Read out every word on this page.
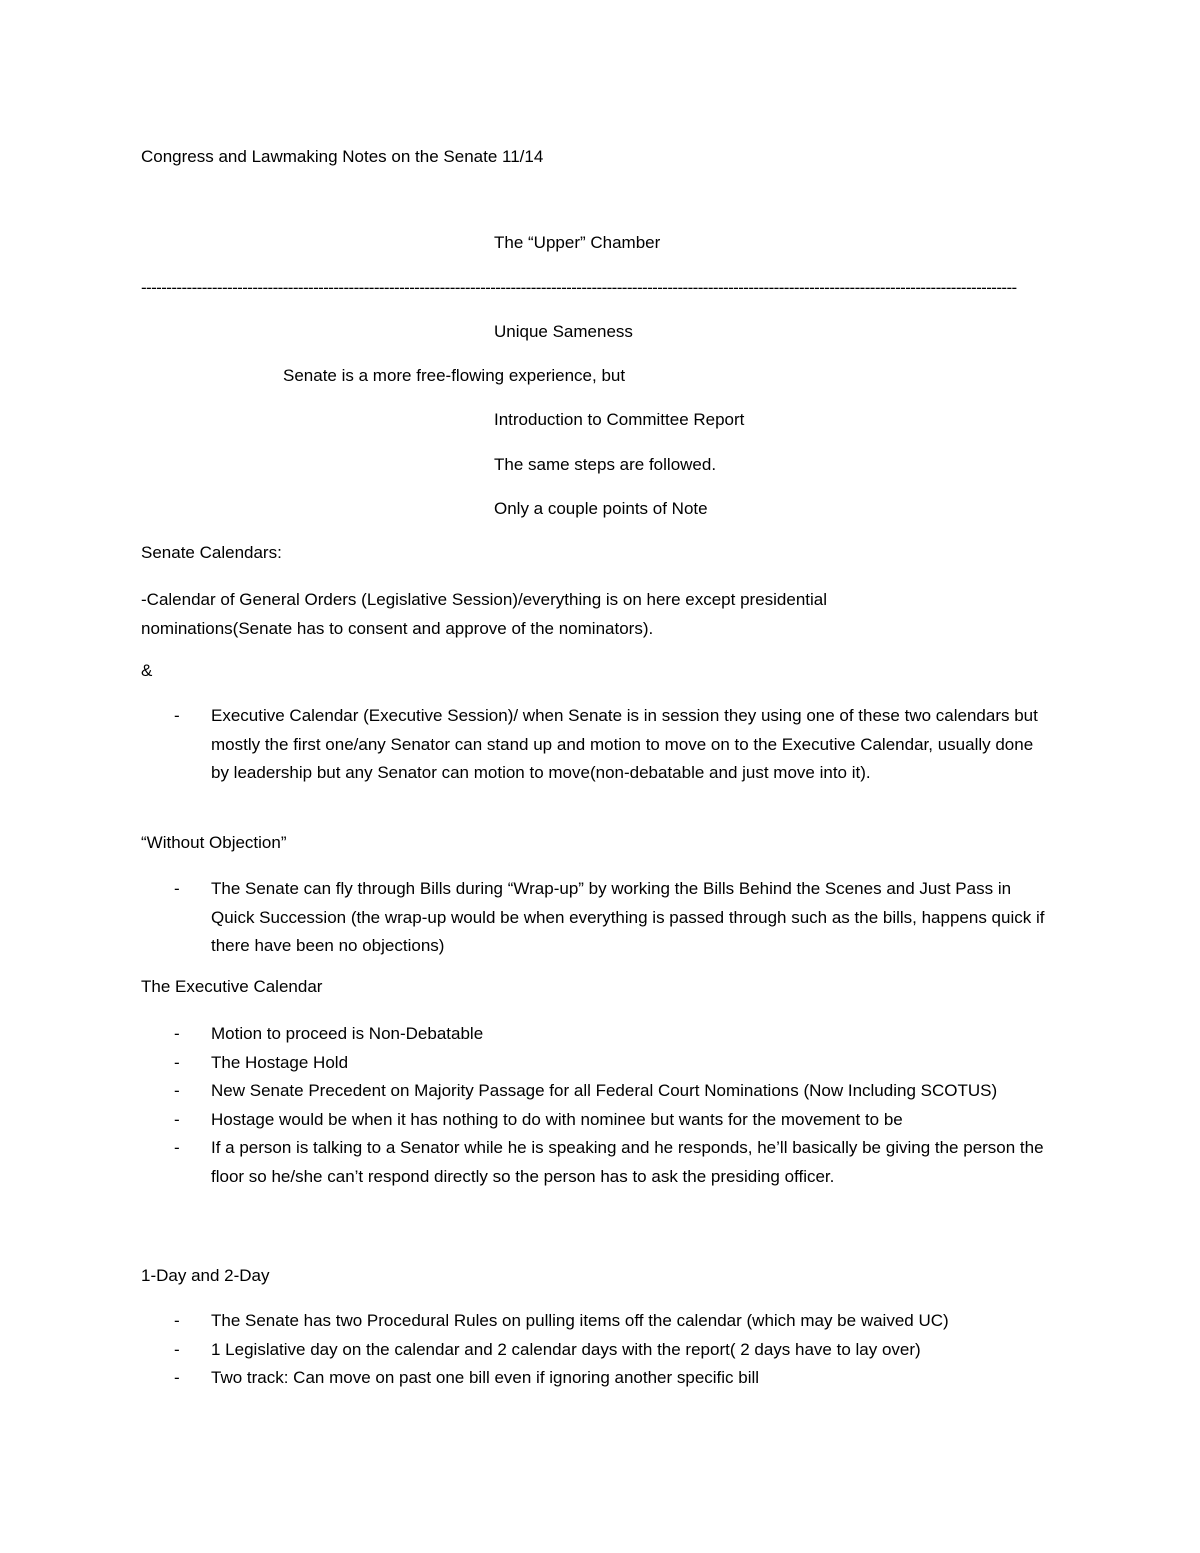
Congress and Lawmaking Notes on the Senate 11/14

The “Upper” Chamber

-----------------------------------------------------------------------------------------------------------------------------------------------------------------------------

Unique Sameness

Senate is a more free-flowing experience, but

Introduction to Committee Report

The same steps are followed.

Only a couple points of Note

Senate Calendars:

-Calendar of General Orders (Legislative Session)/everything is on here except presidential nominations(Senate has to consent and approve of the nominators).

&

- Executive Calendar (Executive Session)/ when Senate is in session they using one of these two calendars but mostly the first one/any Senator can stand up and motion to move on to the Executive Calendar, usually done by leadership but any Senator can motion to move(non-debatable and just move into it).

“Without Objection”

- The Senate can fly through Bills during “Wrap-up” by working the Bills Behind the Scenes and Just Pass in Quick Succession (the wrap-up would be when everything is passed through such as the bills, happens quick if there have been no objections)

The Executive Calendar

- Motion to proceed is Non-Debatable
- The Hostage Hold
- New Senate Precedent on Majority Passage for all Federal Court Nominations (Now Including SCOTUS)
- Hostage would be when it has nothing to do with nominee but wants for the movement to be
- If a person is talking to a Senator while he is speaking and he responds, he’ll basically be giving the person the floor so he/she can’t respond directly so the person has to ask the presiding officer.

1-Day and 2-Day

- The Senate has two Procedural Rules on pulling items off the calendar (which may be waived UC)
- 1 Legislative day on the calendar and 2 calendar days with the report( 2 days have to lay over)
- Two track: Can move on past one bill even if ignoring another specific bill
